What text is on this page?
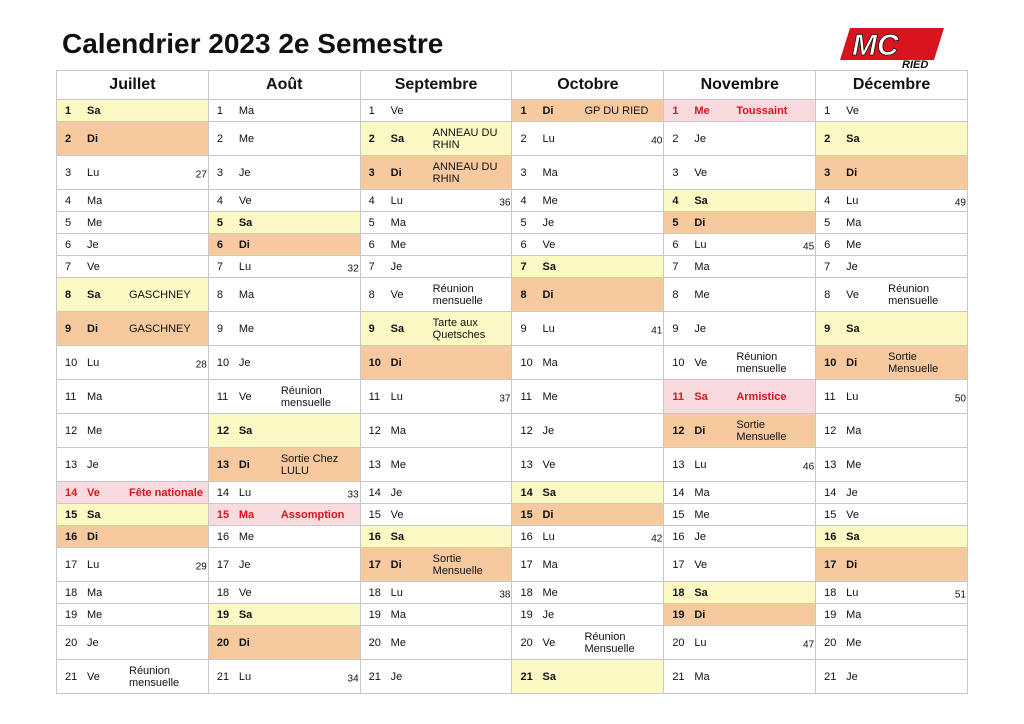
Calendrier 2023 2e Semestre	MC
RIED
Juillet	Août	Septembre	Octobre	Novembre	Décembre

1 Sa	1 Ma	1 Ve	1 Di GP DU RIED	1 Me Toussaint	1 Ve

2 Di	2 Me	2 Sa ANNEAU DU RHIN	2 Lu 40	2 Je	2 Sa

3 Lu 27	3 Je	3 Di ANNEAU DU RHIN	3 Ma	3 Ve	3 Di

4 Ma	4 Ve	4 Lu 36	4 Me	4 Sa	4 Lu 49

5 Me	5 Sa	5 Ma	5 Je	5 Di	5 Ma

6 Je	6 Di	6 Me	6 Ve	6 Lu 45	6 Me

7 Ve	7 Lu 32	7 Je	7 Sa	7 Ma	7 Je

8 Sa GASCHNEY	8 Ma	8 Ve Réunion mensuelle	8 Di	8 Me	8 Ve Réunion mensuelle

9 Di GASCHNEY	9 Me	9 Sa Tarte aux Quetsches	9 Lu 41	9 Je	9 Sa

10 Lu 28	10 Je	10 Di	10 Ma	10 Ve Réunion mensuelle	10 Di Sortie Mensuelle

11 Ma	11 Ve Réunion mensuelle	11 Lu 37	11 Me	11 Sa Armistice	11 Lu 50

12 Me	12 Sa	12 Ma	12 Je	12 Di Sortie Mensuelle	12 Ma

13 Je	13 Di Sortie Chez LULU	13 Me	13 Ve	13 Lu 46	13 Me

14 Ve Fête nationale	14 Lu 33	14 Je	14 Sa	14 Ma	14 Je

15 Sa	15 Ma Assomption	15 Ve	15 Di	15 Me	15 Ve

16 Di	16 Me	16 Sa	16 Lu 42	16 Je	16 Sa

17 Lu 29	17 Je	17 Di Sortie Mensuelle	17 Ma	17 Ve	17 Di

18 Ma	18 Ve	18 Lu 38	18 Me	18 Sa	18 Lu 51

19 Me	19 Sa	19 Ma	19 Je	19 Di	19 Ma

20 Je	20 Di	20 Me	20 Ve Réunion Mensuelle	20 Lu 47	20 Me

21 Ve Réunion mensuelle	21 Lu 34	21 Je	21 Sa	21 Ma	21 Je
